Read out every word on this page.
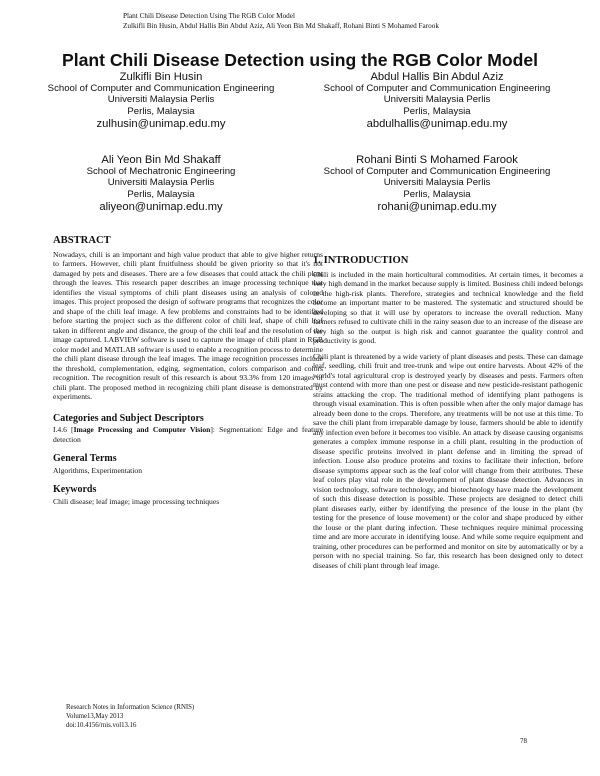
Plant Chili Disease Detection Using The RGB Color Model
Zulkifli Bin Husin, Abdul Hallis Bin Abdul Aziz, Ali Yeon Bin Md Shakaff, Rohani Binti S Mohamed Farook
Plant Chili Disease Detection using the RGB Color Model
Zulkifli Bin Husin
School of Computer and Communication Engineering
Universiti Malaysia Perlis
Perlis, Malaysia
zulhusin@unimap.edu.my
Abdul Hallis Bin Abdul Aziz
School of Computer and Communication Engineering
Universiti Malaysia Perlis
Perlis, Malaysia
abdulhallis@unimap.edu.my
Ali Yeon Bin Md Shakaff
School of Mechatronic Engineering
Universiti Malaysia Perlis
Perlis, Malaysia
aliyeon@unimap.edu.my
Rohani Binti S Mohamed Farook
School of Computer and Communication Engineering
Universiti Malaysia Perlis
Perlis, Malaysia
rohani@unimap.edu.my
ABSTRACT

Nowadays, chili is an important and high value product that able to give higher returns to farmers. However, chili plant fruitfulness should be given priority so that it's not damaged by pets and diseases. There are a few diseases that could attack the chili plant through the leaves. This research paper describes an image processing technique that identifies the visual symptoms of chili plant diseases using an analysis of colored images. This project proposed the design of software programs that recognizes the color and shape of the chili leaf image. A few problems and constraints had to be identified before starting the project such as the different color of chili leaf, shape of chili leaf taken in different angle and distance, the group of the chili leaf and the resolution of the image captured. LABVIEW software is used to capture the image of chili plant in RGB color model and MATLAB software is used to enable a recognition process to determine the chili plant disease through the leaf images. The image recognition processes include the threshold, complementation, edging, segmentation, colors comparison and colors recognition. The recognition result of this research is about 93.3% from 120 images of chili plant. The proposed method in recognizing chili plant disease is demonstrated by experiments.

Categories and Subject Descriptors

I.4.6 [Image Processing and Computer Vision]: Segmentation: Edge and feature detection

General Terms

Algorithms, Experimentation

Keywords

Chili disease; leaf image; image processing techniques

1. INTRODUCTION

Chili is included in the main horticultural commodities. At certain times, it becomes a very high demand in the market because supply is limited. Business chili indeed belongs in the high-risk plants. Therefore, strategies and technical knowledge and the field become an important matter to be mastered. The systematic and structured should be developing so that it will use by operators to increase the overall reduction. Many farmers refused to cultivate chili in the rainy season due to an increase of the disease are very high so the output is high risk and cannot guarantee the quality control and productivity is good.

Chili plant is threatened by a wide variety of plant diseases and pests. These can damage leaf, seedling, chili fruit and tree-trunk and wipe out entire harvests. About 42% of the world's total agricultural crop is destroyed yearly by diseases and pests. Farmers often must contend with more than one pest or disease and new pesticide-resistant pathogenic strains attacking the crop. The traditional method of identifying plant pathogens is through visual examination. This is often possible when after the only major damage has already been done to the crops. Therefore, any treatments will be not use at this time. To save the chili plant from irreparable damage by louse, farmers should be able to identify any infection even before it becomes too visible. An attack by disease causing organisms generates a complex immune response in a chili plant, resulting in the production of disease specific proteins involved in plant defense and in limiting the spread of infection. Louse also produce proteins and toxins to facilitate their infection, before disease symptoms appear such as the leaf color will change from their attributes. These leaf colors play vital role in the development of plant disease detection. Advances in vision technology, software technology, and biotechnology have made the development of such this disease detection is possible. These projects are designed to detect chili plant diseases early, either by identifying the presence of the louse in the plant (by testing for the presence of louse movement) or the color and shape produced by either the louse or the plant during infection. These techniques require minimal processing time and are more accurate in identifying louse. And while some require equipment and training, other procedures can be performed and monitor on site by automatically or by a person with no special training. So far, this research has been designed only to detect diseases of chili plant through leaf image.

Research Notes in Information Science (RNIS)
Volume13,May 2013
doi:10.4156/rnis.vol13.16
78
